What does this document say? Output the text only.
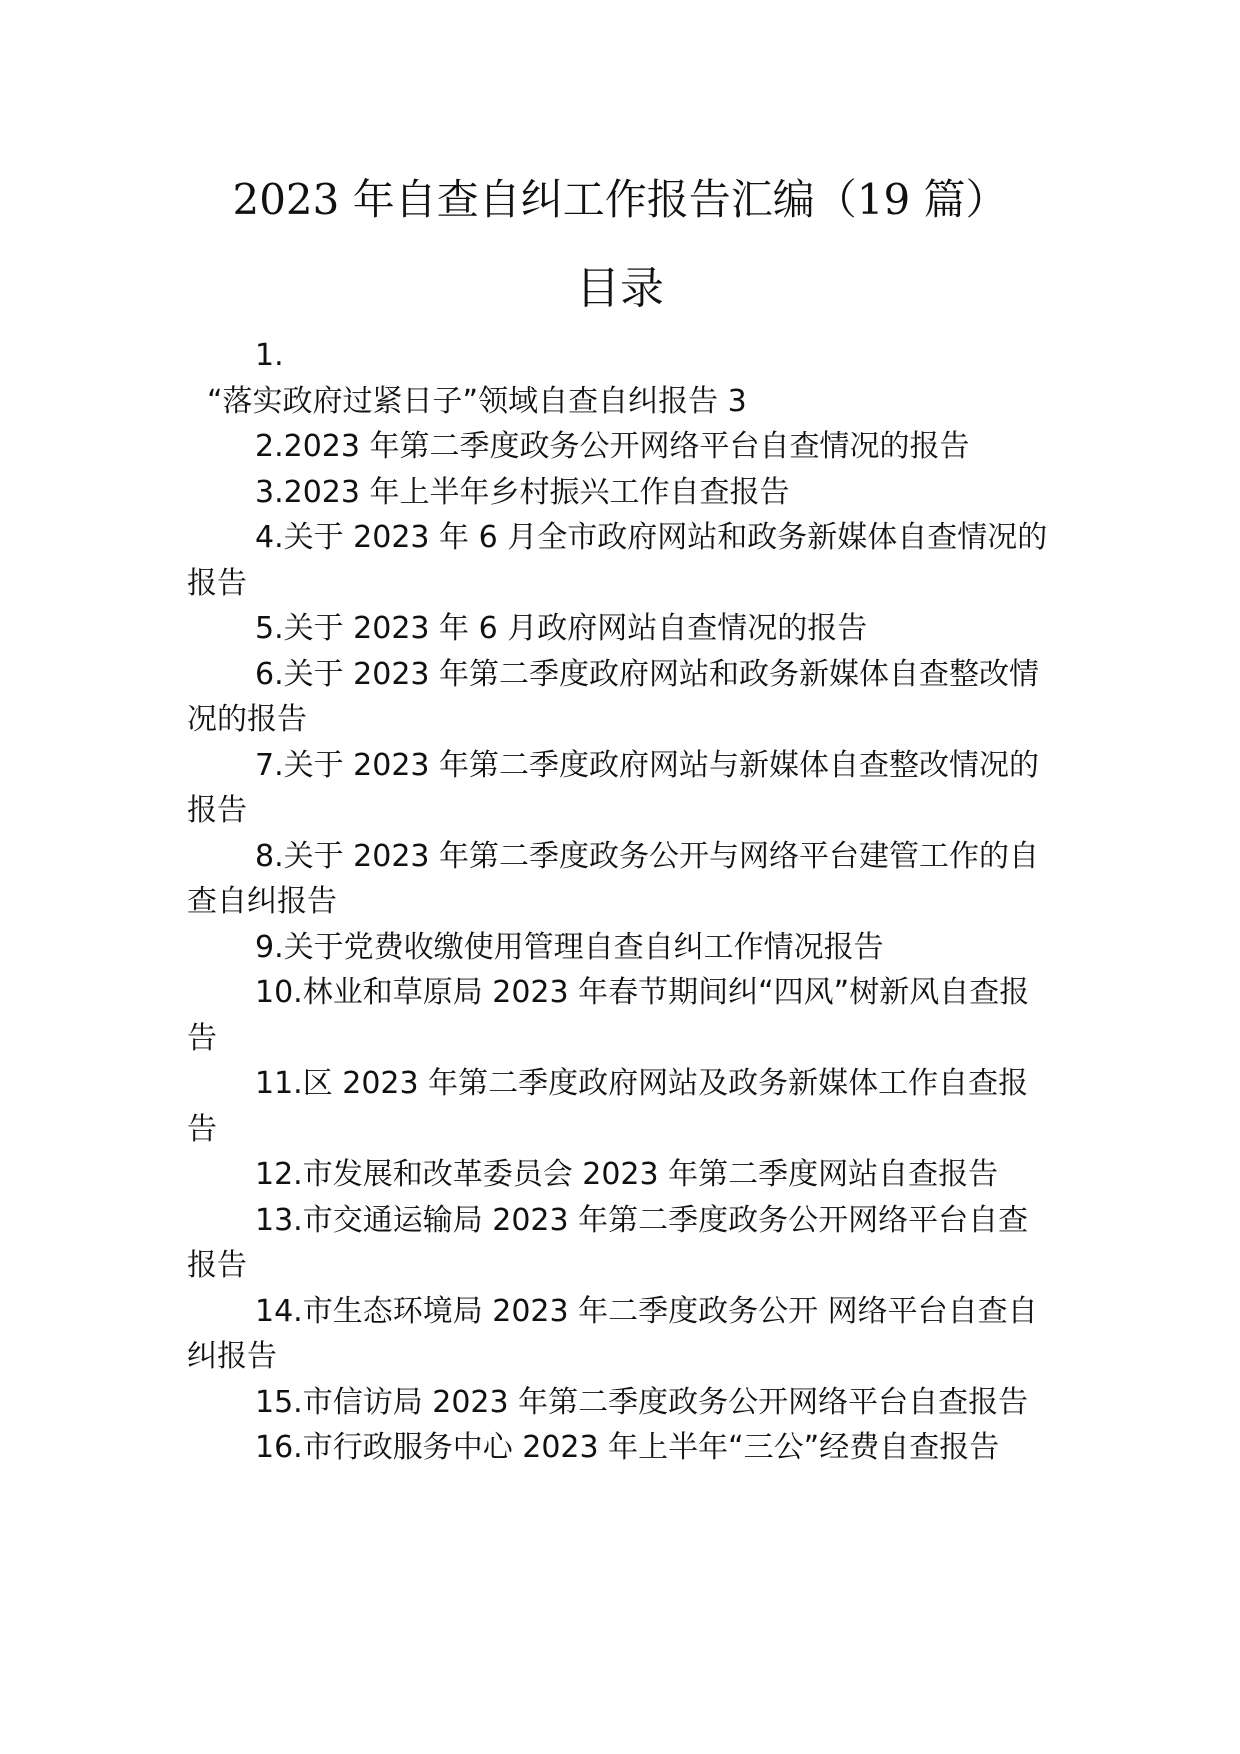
2023 年自查自纠工作报告汇编（19 篇）
目录
1.
“落实政府过紧日子”领域自查自纠报告 3
2.2023 年第二季度政务公开网络平台自查情况的报告
3.2023 年上半年乡村振兴工作自查报告
4.关于 2023 年 6 月全市政府网站和政务新媒体自查情况的报告
5.关于 2023 年 6 月政府网站自查情况的报告
6.关于 2023 年第二季度政府网站和政务新媒体自查整改情况的报告
7.关于 2023 年第二季度政府网站与新媒体自查整改情况的报告
8.关于 2023 年第二季度政务公开与网络平台建管工作的自查自纠报告
9.关于党费收缴使用管理自查自纠工作情况报告
10.林业和草原局 2023 年春节期间纠“四风”树新风自查报告
11.区 2023 年第二季度政府网站及政务新媒体工作自查报告
12.市发展和改革委员会 2023 年第二季度网站自查报告
13.市交通运输局 2023 年第二季度政务公开网络平台自查报告
14.市生态环境局 2023 年二季度政务公开 网络平台自查自纠报告
15.市信访局 2023 年第二季度政务公开网络平台自查报告
16.市行政服务中心 2023 年上半年“三公”经费自查报告
